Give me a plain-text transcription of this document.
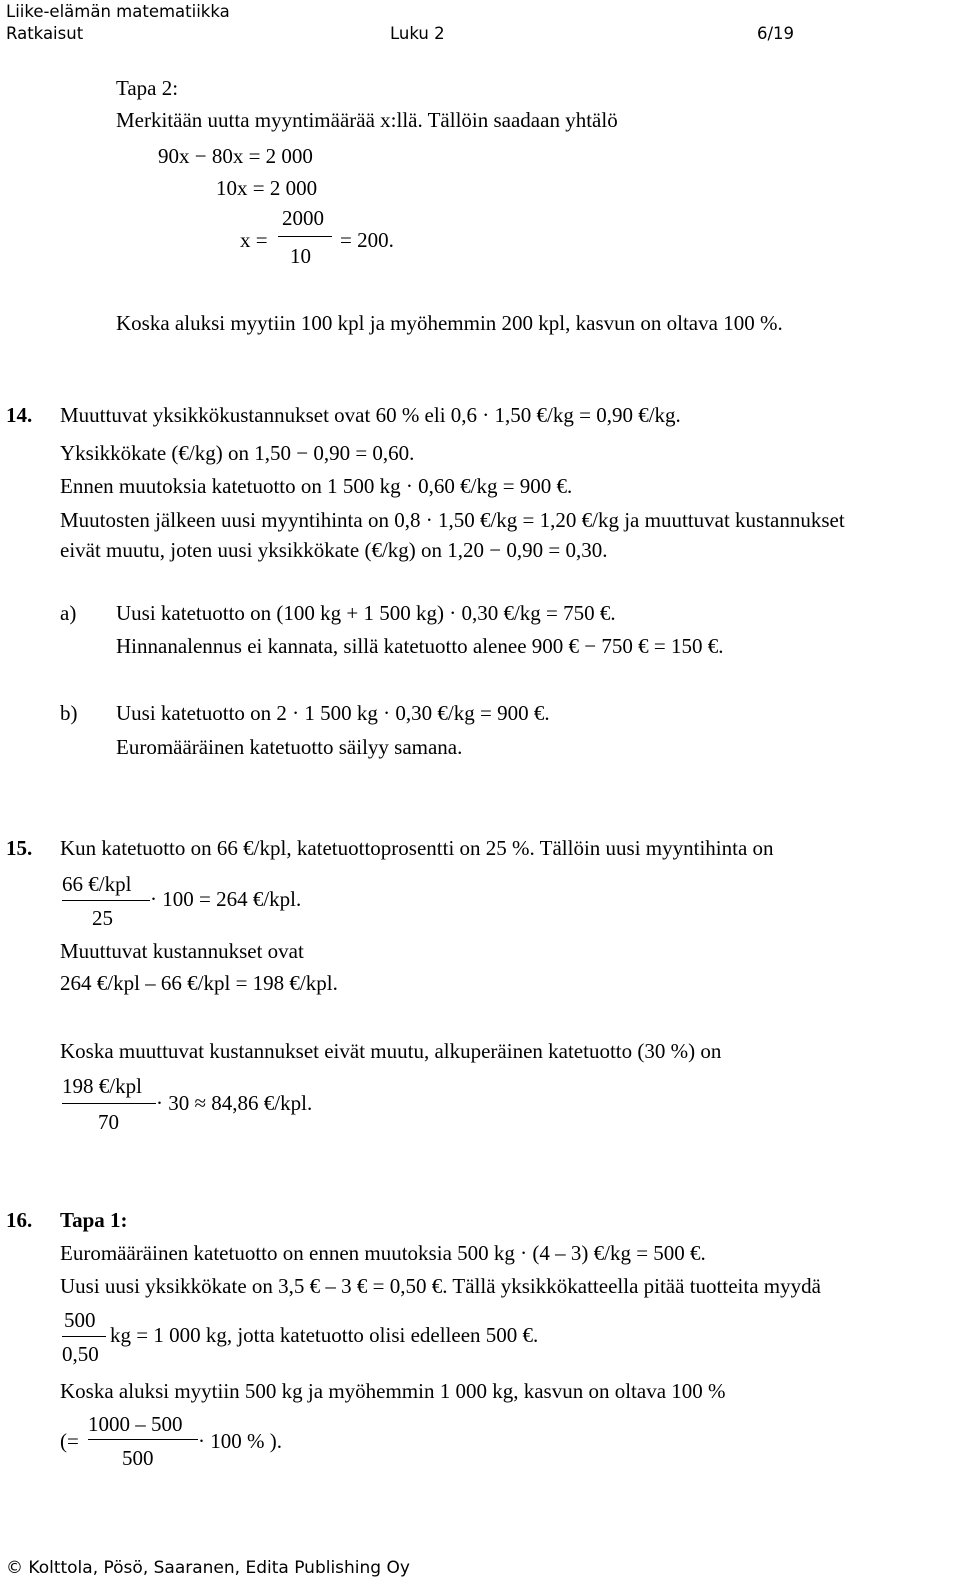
Liike-elämän matematiikka
Ratkaisut	Luku 2	6/19
Tapa 2:
Merkitään uutta myyntimäärää x:llä. Tällöin saadaan yhtälö
90x − 80x = 2 000
10x = 2 000
x =
2000
10
= 200.
Koska aluksi myytiin 100 kpl ja myöhemmin 200 kpl, kasvun on oltava 100 %.
14. Muuttuvat yksikkökustannukset ovat 60 % eli 0,6 · 1,50 €/kg = 0,90 €/kg.
Yksikkökate (€/kg) on 1,50 − 0,90 = 0,60.
Ennen muutoksia katetuotto on 1 500 kg · 0,60 €/kg = 900 €.
Muutosten jälkeen uusi myyntihinta on 0,8 · 1,50 €/kg = 1,20 €/kg ja muuttuvat kustannukset
eivät muutu, joten uusi yksikkökate (€/kg) on 1,20 − 0,90 = 0,30.
a) Uusi katetuotto on (100 kg + 1 500 kg) · 0,30 €/kg = 750 €.
Hinnanalennus ei kannata, sillä katetuotto alenee 900 € − 750 € = 150 €.
b) Uusi katetuotto on 2 · 1 500 kg · 0,30 €/kg = 900 €.
Euromääräinen katetuotto säilyy samana.
15. Kun katetuotto on 66 €/kpl, katetuottoprosentti on 25 %. Tällöin uusi myyntihinta on
66 €/kpl
25
· 100 = 264 €/kpl.
Muuttuvat kustannukset ovat
264 €/kpl – 66 €/kpl = 198 €/kpl.
Koska muuttuvat kustannukset eivät muutu, alkuperäinen katetuotto (30 %) on
198 €/kpl
70
· 30 ≈ 84,86 €/kpl.
16. Tapa 1:
Euromääräinen katetuotto on ennen muutoksia 500 kg · (4 – 3) €/kg = 500 €.
Uusi uusi yksikkökate on 3,5 € – 3 € = 0,50 €. Tällä yksikkökatteella pitää tuotteita myydä
500
0,50
kg = 1 000 kg, jotta katetuotto olisi edelleen 500 €.
Koska aluksi myytiin 500 kg ja myöhemmin 1 000 kg, kasvun on oltava 100 %
(=
1000 – 500
500
· 100 % ).
© Kolttola, Pösö, Saaranen, Edita Publishing Oy
